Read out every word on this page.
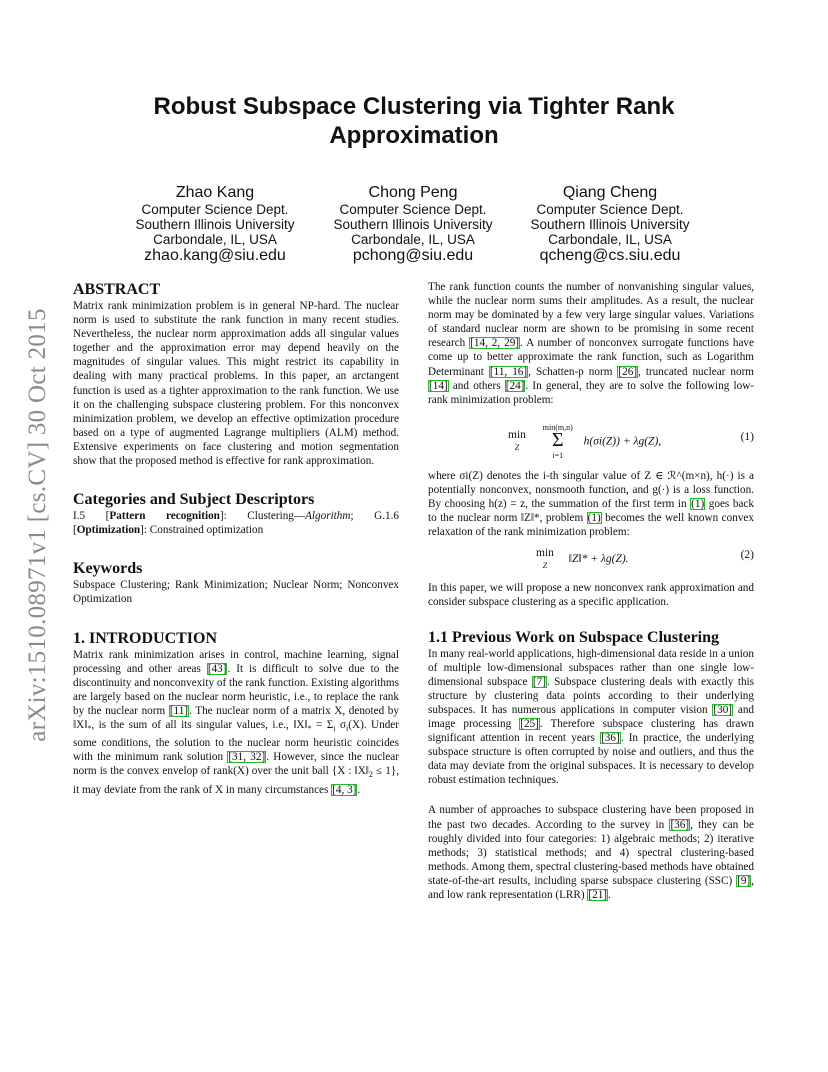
arXiv:1510.08971v1 [cs.CV] 30 Oct 2015
Robust Subspace Clustering via Tighter Rank Approximation
Zhao Kang
Computer Science Dept.
Southern Illinois University
Carbondale, IL, USA
zhao.kang@siu.edu
Chong Peng
Computer Science Dept.
Southern Illinois University
Carbondale, IL, USA
pchong@siu.edu
Qiang Cheng
Computer Science Dept.
Southern Illinois University
Carbondale, IL, USA
qcheng@cs.siu.edu
ABSTRACT

Matrix rank minimization problem is in general NP-hard. The nuclear norm is used to substitute the rank function in many recent studies. Nevertheless, the nuclear norm approximation adds all singular values together and the approximation error may depend heavily on the magnitudes of singular values. This might restrict its capability in dealing with many practical problems. In this paper, an arctangent function is used as a tighter approximation to the rank function. We use it on the challenging subspace clustering problem. For this nonconvex minimization problem, we develop an effective optimization procedure based on a type of augmented Lagrange multipliers (ALM) method. Extensive experiments on face clustering and motion segmentation show that the proposed method is effective for rank approximation.

Categories and Subject Descriptors

I.5 [Pattern recognition]: Clustering—Algorithm; G.1.6 [Optimization]: Constrained optimization

Keywords

Subspace Clustering; Rank Minimization; Nuclear Norm; Nonconvex Optimization

1. INTRODUCTION

Matrix rank minimization arises in control, machine learning, signal processing and other areas [43]. It is difficult to solve due to the discontinuity and nonconvexity of the rank function. Existing algorithms are largely based on the nuclear norm heuristic, i.e., to replace the rank by the nuclear norm [11]. The nuclear norm of a matrix X, denoted by $‖X‖_*$, is the sum of all its singular values, i.e., $‖X‖_* = \Sigma_i$ $\sigma_i(X)$. Under some conditions, the solution to the nuclear norm heuristic coincides with the minimum rank solution [31, 32]. However, since the nuclear norm is the convex envelop of rank(X) over the unit ball {X : $‖X‖_2 \le 1$}, it may deviate from the rank of X in many circumstances [4, 3].

The rank function counts the number of nonvanishing singular values, while the nuclear norm sums their amplitudes. As a result, the nuclear norm may be dominated by a few very large singular values. Variations of standard nuclear norm are shown to be promising in some recent research [14, 2, 29]. A number of nonconvex surrogate functions have come up to better approximate the rank function, such as Logarithm Determinant [11, 16], Schatten-p norm [26], truncated nuclear norm [14] and others [24]. In general, they are to solve the following low-rank minimization problem:

min
Z min(m,n)
Σ
i=1 h(σi(Z)) + λg(Z),	(1)

where σi(Z) denotes the i-th singular value of Z ∈ ℛ^(m×n), h(·) is a potentially nonconvex, nonsmooth function, and g(·) is a loss function. By choosing h(z) = z, the summation of the first term in (1) goes back to the nuclear norm ‖Z‖*, problem (1) becomes the well known convex relaxation of the rank minimization problem:

min
Z ‖Z‖* + λg(Z).	(2)

In this paper, we will propose a new nonconvex rank approximation and consider subspace clustering as a specific application.

1.1 Previous Work on Subspace Clustering

In many real-world applications, high-dimensional data reside in a union of multiple low-dimensional subspaces rather than one single low-dimensional subspace [7]. Subspace clustering deals with exactly this structure by clustering data points according to their underlying subspaces. It has numerous applications in computer vision [30] and image processing [25]. Therefore subspace clustering has drawn significant attention in recent years [36]. In practice, the underlying subspace structure is often corrupted by noise and outliers, and thus the data may deviate from the original subspaces. It is necessary to develop robust estimation techniques.

A number of approaches to subspace clustering have been proposed in the past two decades. According to the survey in [36], they can be roughly divided into four categories: 1) algebraic methods; 2) iterative methods; 3) statistical methods; and 4) spectral clustering-based methods. Among them, spectral clustering-based methods have obtained state-of-the-art results, including sparse subspace clustering (SSC) [9], and low rank representation (LRR) [21].
